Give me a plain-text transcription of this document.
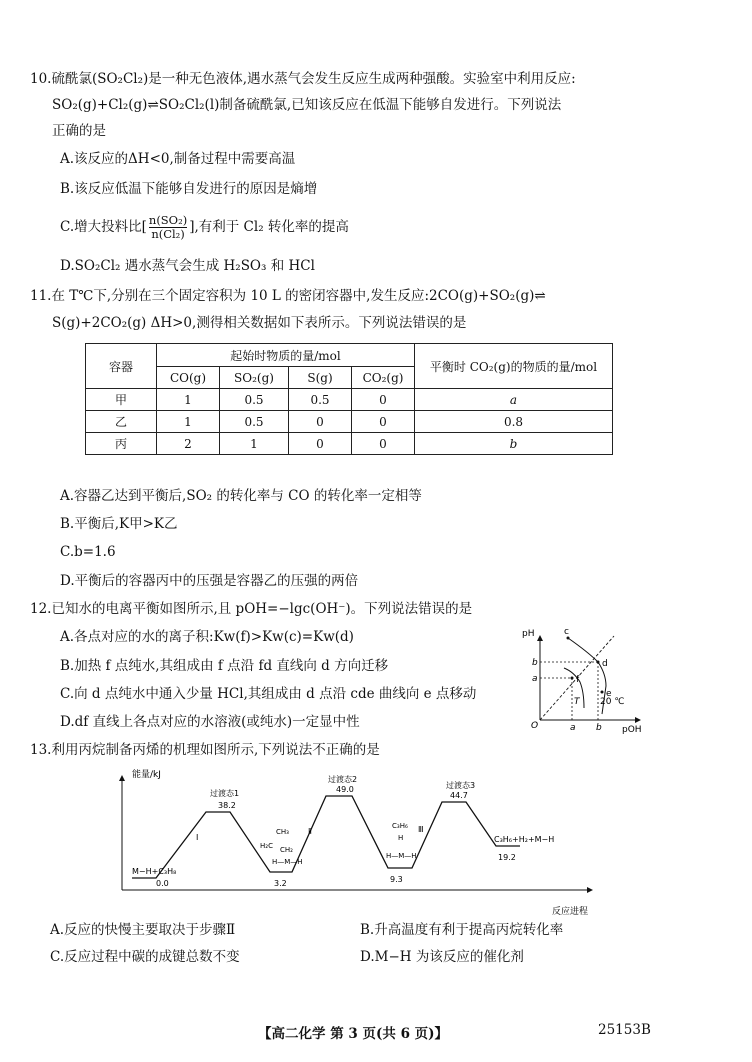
10.硫酰氯(SO₂Cl₂)是一种无色液体,遇水蒸气会发生反应生成两种强酸。实验室中利用反应:
SO₂(g)+Cl₂(g)⇌SO₂Cl₂(l)制备硫酰氯,已知该反应在低温下能够自发进行。下列说法
正确的是
A.该反应的ΔH<0,制备过程中需要高温
B.该反应低温下能够自发进行的原因是熵增
C.增大投料比[ $\frac{\text{n(SO₂)}}{\text{n(Cl₂)}}$ ],有利于 Cl₂ 转化率的提高
D.SO₂Cl₂ 遇水蒸气会生成 H₂SO₃ 和 HCl
11.在 T℃下,分别在三个固定容积为 10 L 的密闭容器中,发生反应:2CO(g)+SO₂(g)⇌
S(g)+2CO₂(g) ΔH>0,测得相关数据如下表所示。下列说法错误的是
容器	起始时物质的量/mol				平衡时 CO₂(g)的物质的量/mol
	CO(g)	SO₂(g)	S(g)	CO₂(g)	
甲	1	0.5	0.5	0	a
乙	1	0.5	0	0	0.8
丙	2	1	0	0	b
A.容器乙达到平衡后,SO₂ 的转化率与 CO 的转化率一定相等
B.平衡后,K甲>K乙
C.b=1.6
D.平衡后的容器丙中的压强是容器乙的压强的两倍
12.已知水的电离平衡如图所示,且 pOH=−lgc(OH⁻)。下列说法错误的是
A.各点对应的水的离子积:Kw(f)>Kw(c)=Kw(d)
B.加热 f 点纯水,其组成由 f 点沿 fd 直线向 d 方向迁移
C.向 d 点纯水中通入少量 HCl,其组成由 d 点沿 cde 曲线向 e 点移动
D.df 直线上各点对应的水溶液(或纯水)一定显中性
pH
pOH
O
c
d
e
f
a
b
a b
T 20 ℃
13.利用丙烷制备丙烯的机理如图所示,下列说法不正确的是
能量/kJ
反应进程
M−H+C₃H₈
0.0
过渡态1
38.2
I
3.2
Ⅱ
过渡态2
49.0
9.3
Ⅲ
过渡态3
44.7
C₃H₆+H₂+M−H
19.2
CH₃
H₂C CH₂
H—M—H
C₃H₆
H
H—M—H
A.反应的快慢主要取决于步骤Ⅱ	B.升高温度有利于提高丙烷转化率
C.反应过程中碳的成键总数不变	D.M−H 为该反应的催化剂
【高二化学 第 3 页(共 6 页)】	25153B
